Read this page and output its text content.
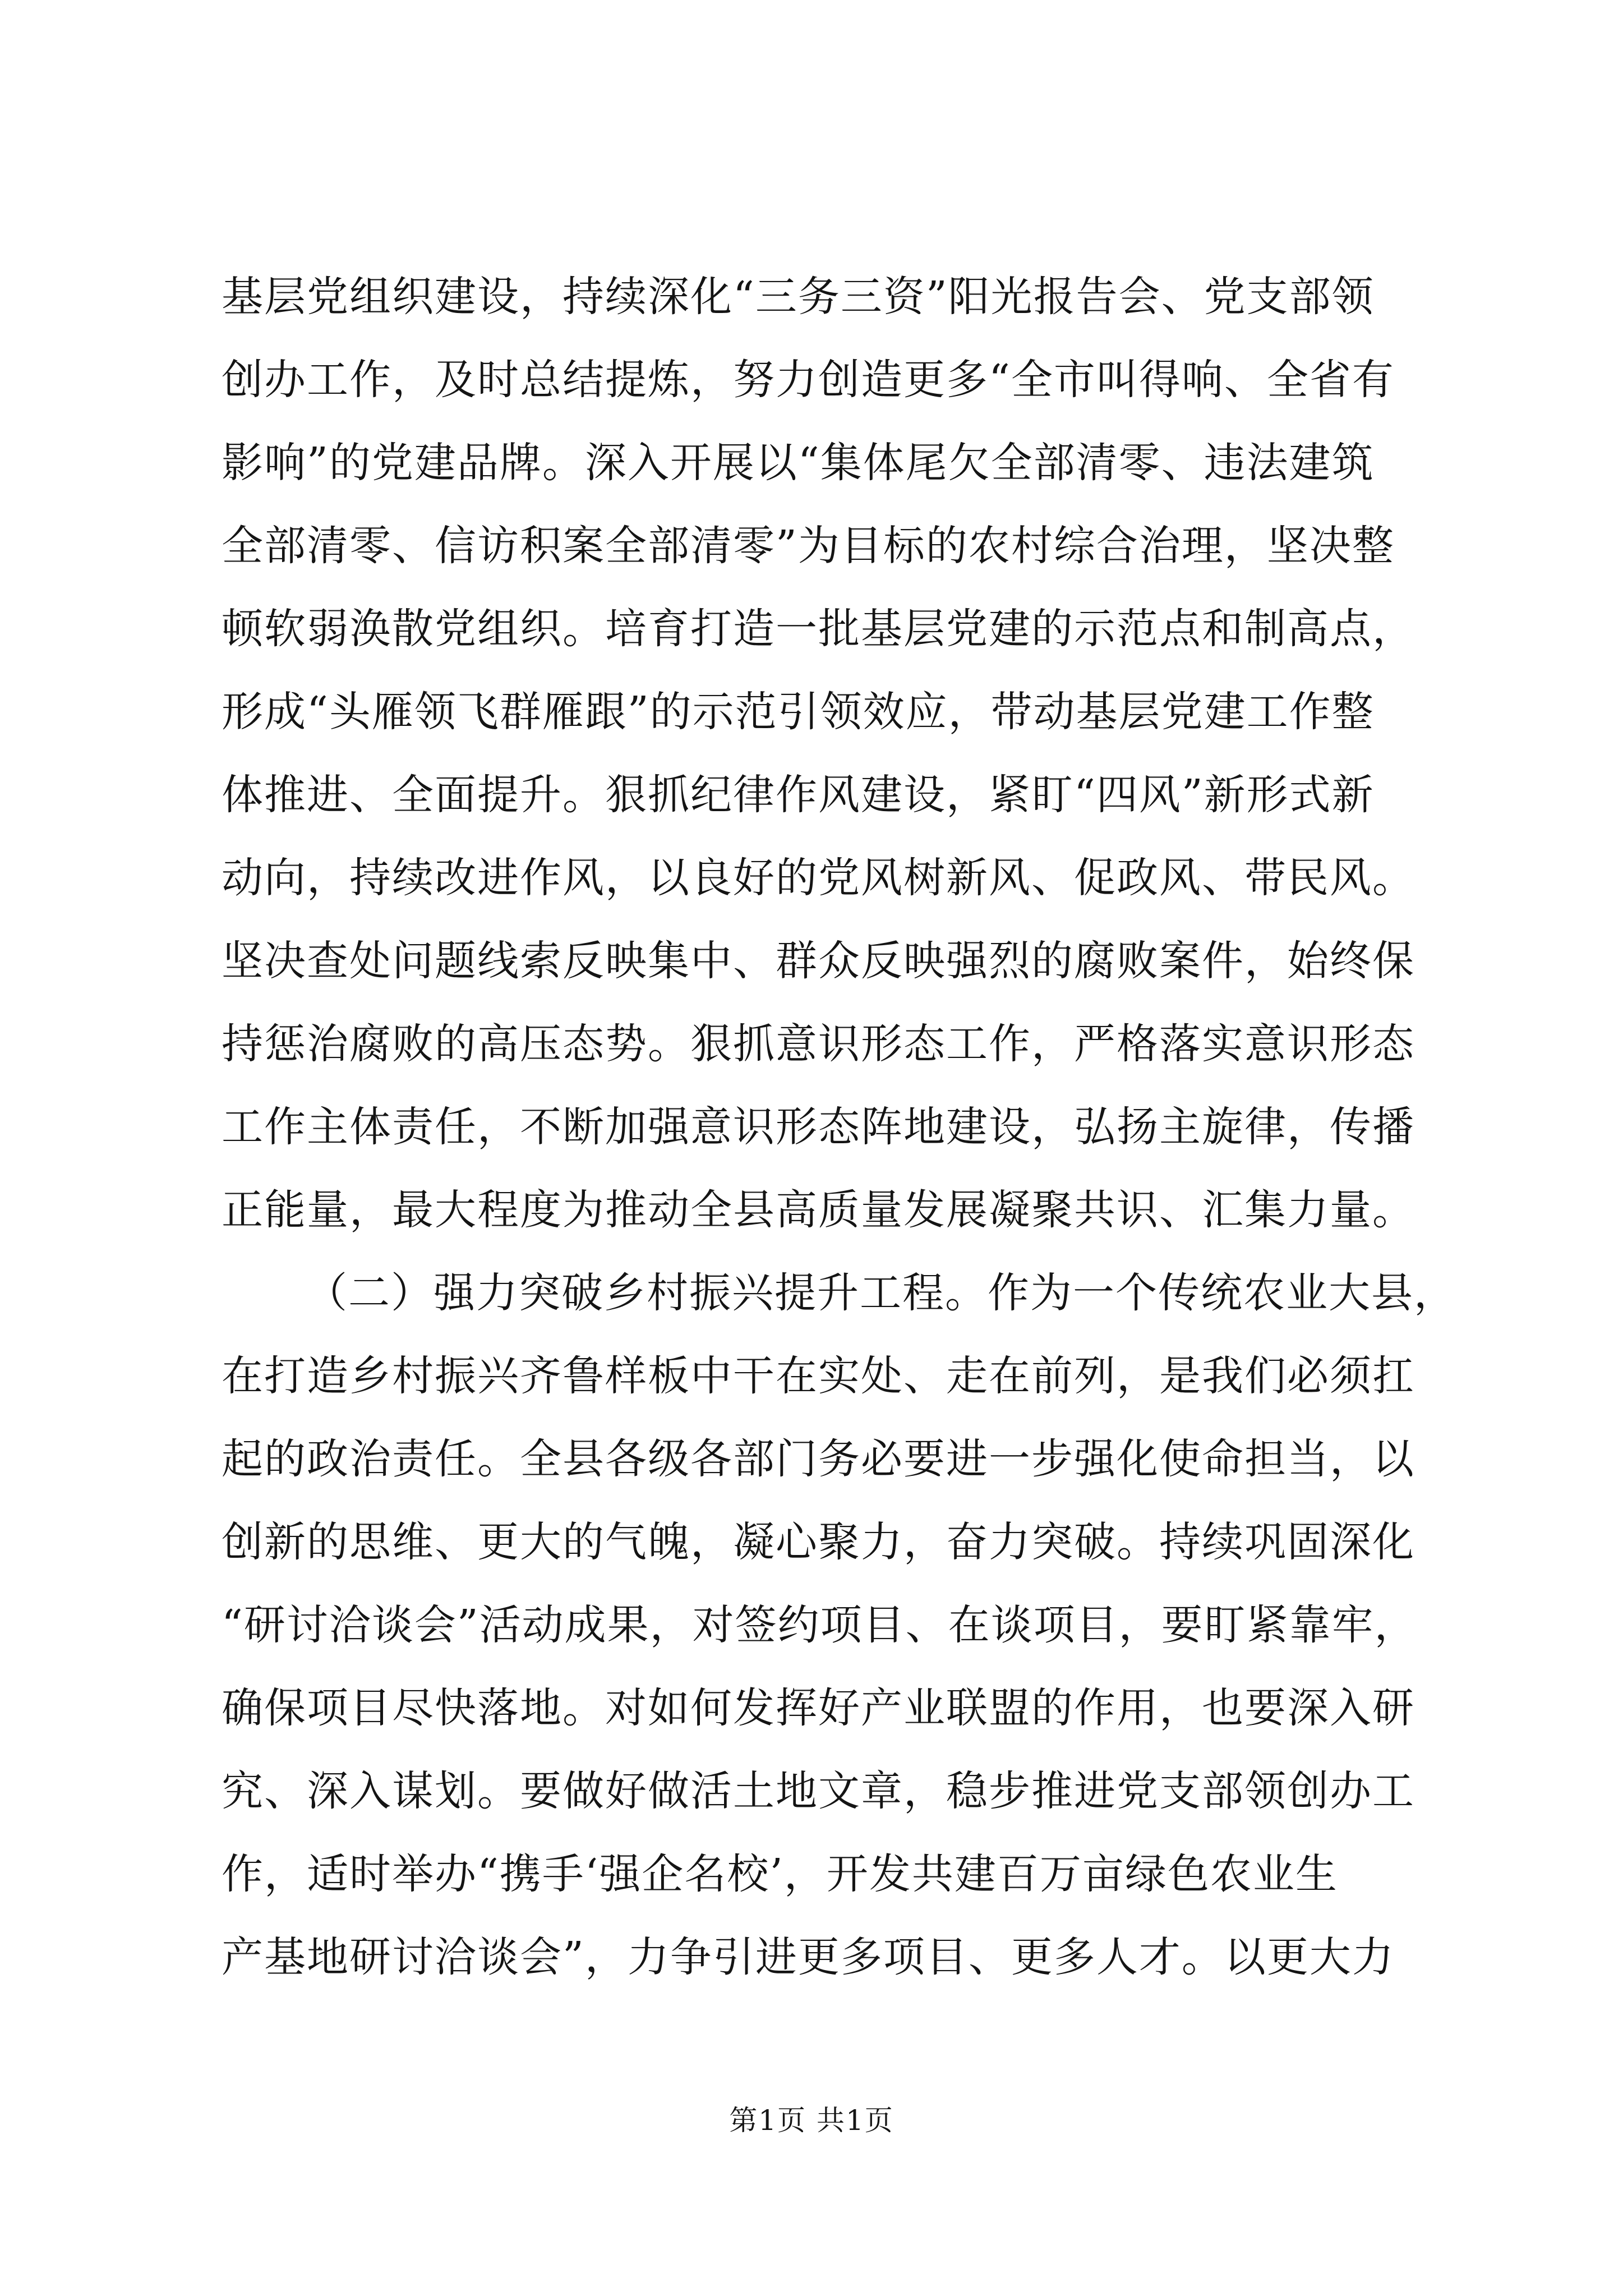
基层党组织建设，持续深化“三务三资”阳光报告会、党支部领
创办工作，及时总结提炼，努力创造更多“全市叫得响、全省有
影响”的党建品牌。深入开展以“集体尾欠全部清零、违法建筑
全部清零、信访积案全部清零”为目标的农村综合治理，坚决整
顿软弱涣散党组织。培育打造一批基层党建的示范点和制高点，
形成“头雁领飞群雁跟”的示范引领效应，带动基层党建工作整
体推进、全面提升。狠抓纪律作风建设，紧盯“四风”新形式新
动向，持续改进作风，以良好的党风树新风、促政风、带民风。
坚决查处问题线索反映集中、群众反映强烈的腐败案件，始终保
持惩治腐败的高压态势。狠抓意识形态工作，严格落实意识形态
工作主体责任，不断加强意识形态阵地建设，弘扬主旋律，传播
正能量，最大程度为推动全县高质量发展凝聚共识、汇集力量。
（二）强力突破乡村振兴提升工程。作为一个传统农业大县，
在打造乡村振兴齐鲁样板中干在实处、走在前列，是我们必须扛
起的政治责任。全县各级各部门务必要进一步强化使命担当，以
创新的思维、更大的气魄，凝心聚力，奋力突破。持续巩固深化
“研讨洽谈会”活动成果，对签约项目、在谈项目，要盯紧靠牢，
确保项目尽快落地。对如何发挥好产业联盟的作用，也要深入研
究、深入谋划。要做好做活土地文章，稳步推进党支部领创办工
作，适时举办“携手‘强企名校’，开发共建百万亩绿色农业生
产基地研讨洽谈会”，力争引进更多项目、更多人才。以更大力
第1页 共1页
